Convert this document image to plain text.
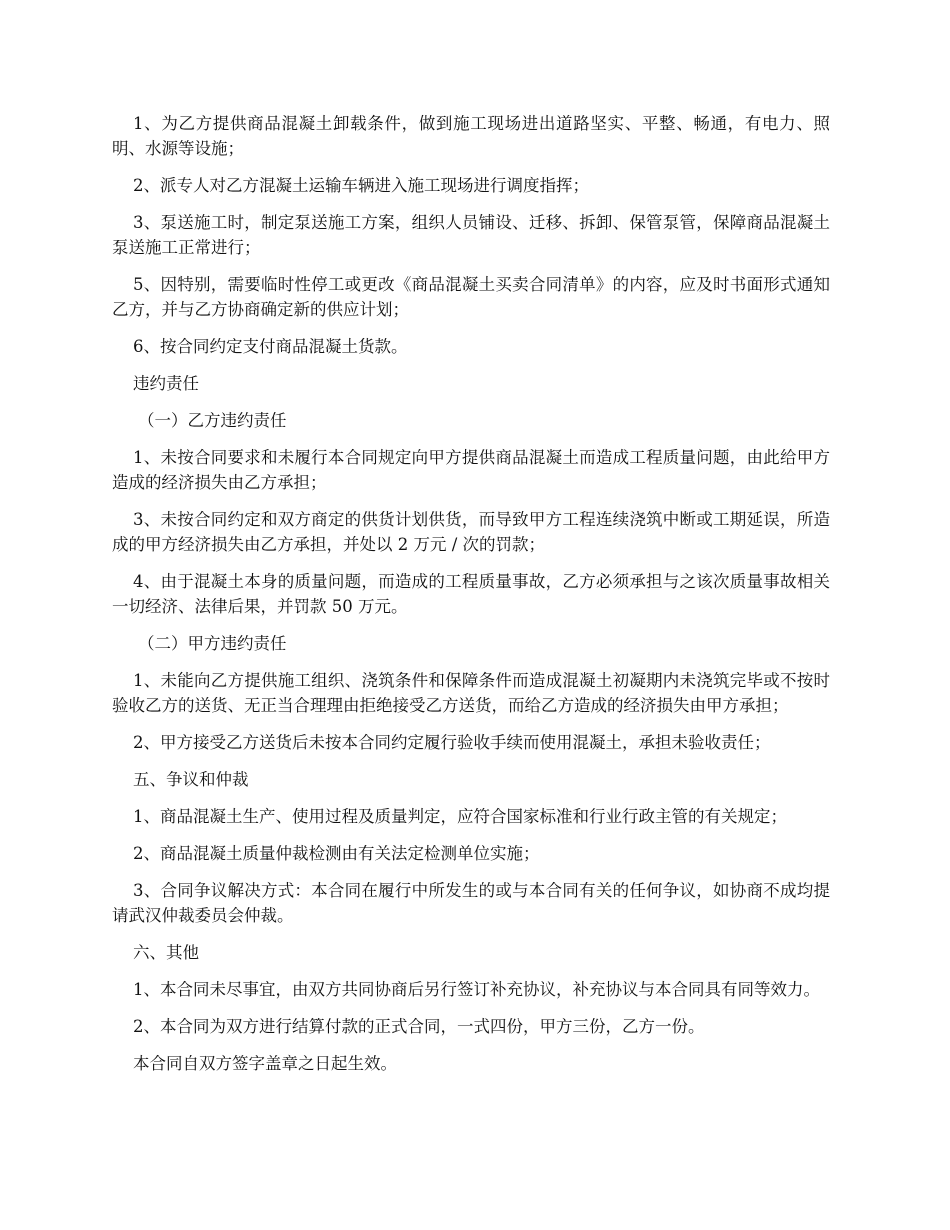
1、为乙方提供商品混凝土卸载条件，做到施工现场进出道路坚实、平整、畅通，有电力、照明、水源等设施；

2、派专人对乙方混凝土运输车辆进入施工现场进行调度指挥；

3、泵送施工时，制定泵送施工方案，组织人员铺设、迁移、拆卸、保管泵管，保障商品混凝土泵送施工正常进行；

5、因特别，需要临时性停工或更改《商品混凝土买卖合同清单》的内容，应及时书面形式通知乙方，并与乙方协商确定新的供应计划；

6、按合同约定支付商品混凝土货款。

违约责任

（一）乙方违约责任

1、未按合同要求和未履行本合同规定向甲方提供商品混凝土而造成工程质量问题，由此给甲方造成的经济损失由乙方承担；

3、未按合同约定和双方商定的供货计划供货，而导致甲方工程连续浇筑中断或工期延误，所造成的甲方经济损失由乙方承担，并处以 2 万元 / 次的罚款；

4、由于混凝土本身的质量问题，而造成的工程质量事故，乙方必须承担与之该次质量事故相关一切经济、法律后果，并罚款 50 万元。

（二）甲方违约责任

1、未能向乙方提供施工组织、浇筑条件和保障条件而造成混凝土初凝期内未浇筑完毕或不按时验收乙方的送货、无正当合理理由拒绝接受乙方送货，而给乙方造成的经济损失由甲方承担；

2、甲方接受乙方送货后未按本合同约定履行验收手续而使用混凝土，承担未验收责任；

五、争议和仲裁

1、商品混凝土生产、使用过程及质量判定，应符合国家标准和行业行政主管的有关规定；

2、商品混凝土质量仲裁检测由有关法定检测单位实施；

3、合同争议解决方式：本合同在履行中所发生的或与本合同有关的任何争议，如协商不成均提请武汉仲裁委员会仲裁。

六、其他

1、本合同未尽事宜，由双方共同协商后另行签订补充协议，补充协议与本合同具有同等效力。

2、本合同为双方进行结算付款的正式合同，一式四份，甲方三份，乙方一份。

本合同自双方签字盖章之日起生效。
